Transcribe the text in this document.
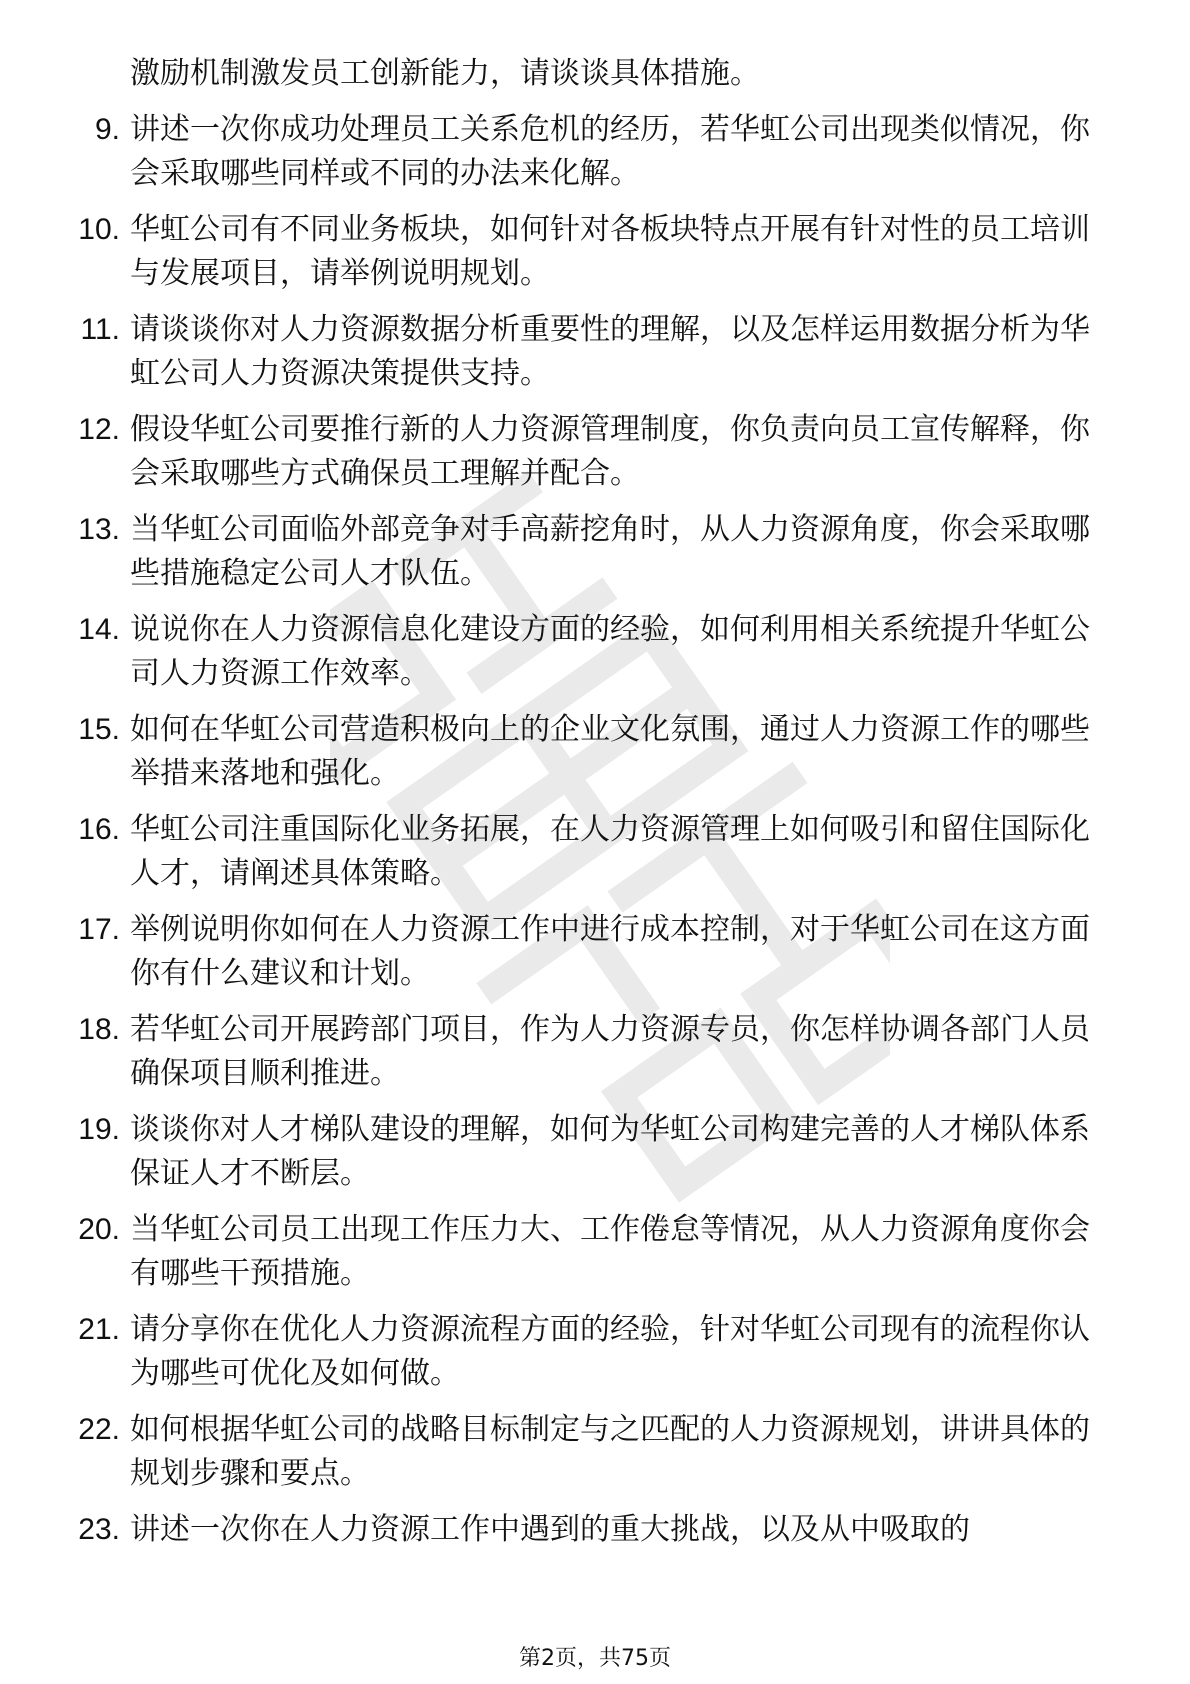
激励机制激发员工创新能力，请谈谈具体措施。

9. 讲述一次你成功处理员工关系危机的经历，若华虹公司出现类似情况，你会采取哪些同样或不同的办法来化解。
10. 华虹公司有不同业务板块，如何针对各板块特点开展有针对性的员工培训与发展项目，请举例说明规划。
11. 请谈谈你对人力资源数据分析重要性的理解，以及怎样运用数据分析为华虹公司人力资源决策提供支持。
12. 假设华虹公司要推行新的人力资源管理制度，你负责向员工宣传解释，你会采取哪些方式确保员工理解并配合。
13. 当华虹公司面临外部竞争对手高薪挖角时，从人力资源角度，你会采取哪些措施稳定公司人才队伍。
14. 说说你在人力资源信息化建设方面的经验，如何利用相关系统提升华虹公司人力资源工作效率。
15. 如何在华虹公司营造积极向上的企业文化氛围，通过人力资源工作的哪些举措来落地和强化。
16. 华虹公司注重国际化业务拓展，在人力资源管理上如何吸引和留住国际化人才，请阐述具体策略。
17. 举例说明你如何在人力资源工作中进行成本控制，对于华虹公司在这方面你有什么建议和计划。
18. 若华虹公司开展跨部门项目，作为人力资源专员，你怎样协调各部门人员确保项目顺利推进。
19. 谈谈你对人才梯队建设的理解，如何为华虹公司构建完善的人才梯队体系保证人才不断层。
20. 当华虹公司员工出现工作压力大、工作倦怠等情况，从人力资源角度你会有哪些干预措施。
21. 请分享你在优化人力资源流程方面的经验，针对华虹公司现有的流程你认为哪些可优化及如何做。
22. 如何根据华虹公司的战略目标制定与之匹配的人力资源规划，讲讲具体的规划步骤和要点。
23. 讲述一次你在人力资源工作中遇到的重大挑战，以及从中吸取的
第2页，共75页
